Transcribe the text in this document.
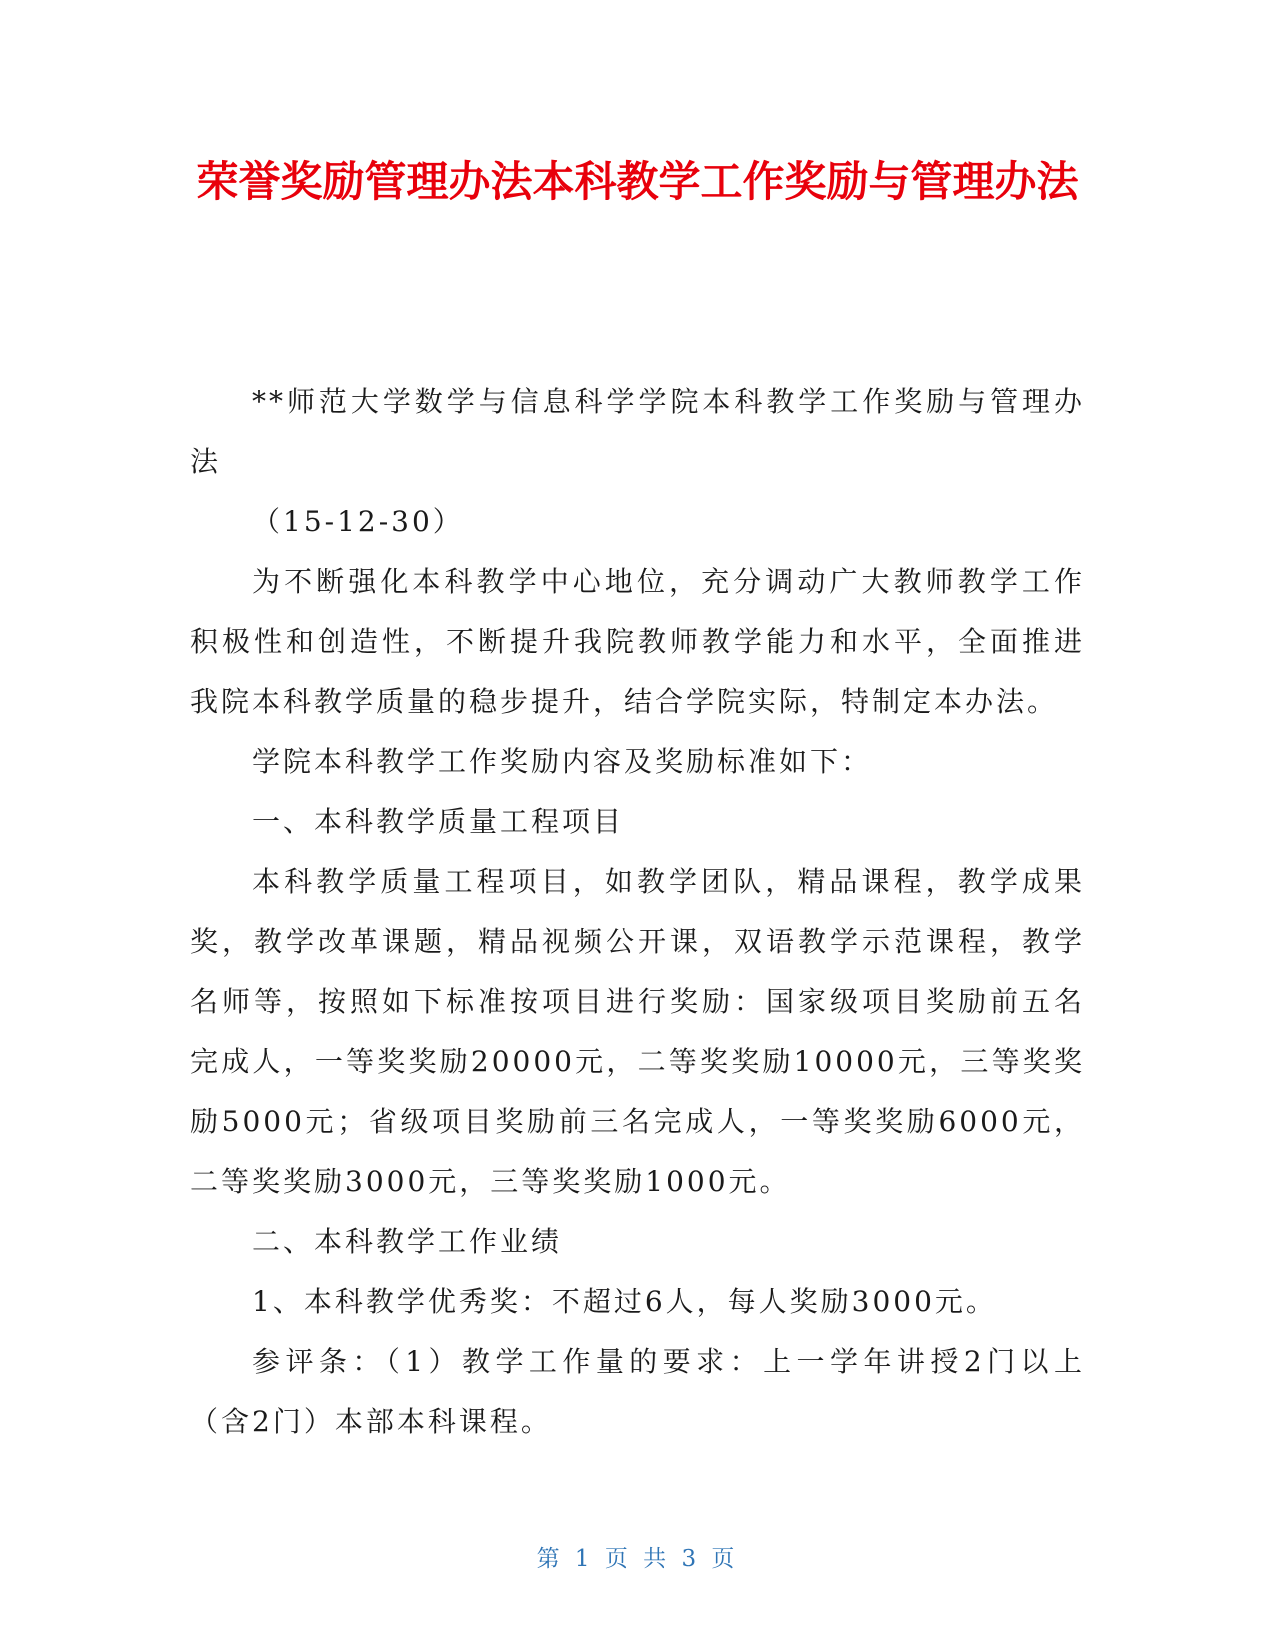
荣誉奖励管理办法本科教学工作奖励与管理办法

**师范大学数学与信息科学学院本科教学工作奖励与管理办法

（15-12-30）

为不断强化本科教学中心地位，充分调动广大教师教学工作积极性和创造性，不断提升我院教师教学能力和水平，全面推进我院本科教学质量的稳步提升，结合学院实际，特制定本办法。

学院本科教学工作奖励内容及奖励标准如下：

一、本科教学质量工程项目

本科教学质量工程项目，如教学团队，精品课程，教学成果奖，教学改革课题，精品视频公开课，双语教学示范课程，教学名师等，按照如下标准按项目进行奖励：国家级项目奖励前五名完成人，一等奖奖励20000元，二等奖奖励10000元，三等奖奖励5000元；省级项目奖励前三名完成人，一等奖奖励6000元，二等奖奖励3000元，三等奖奖励1000元。

二、本科教学工作业绩

1、本科教学优秀奖：不超过6人，每人奖励3000元。

参评条：（1）教学工作量的要求：上一学年讲授2门以上（含2门）本部本科课程。

第 1 页 共 3 页
